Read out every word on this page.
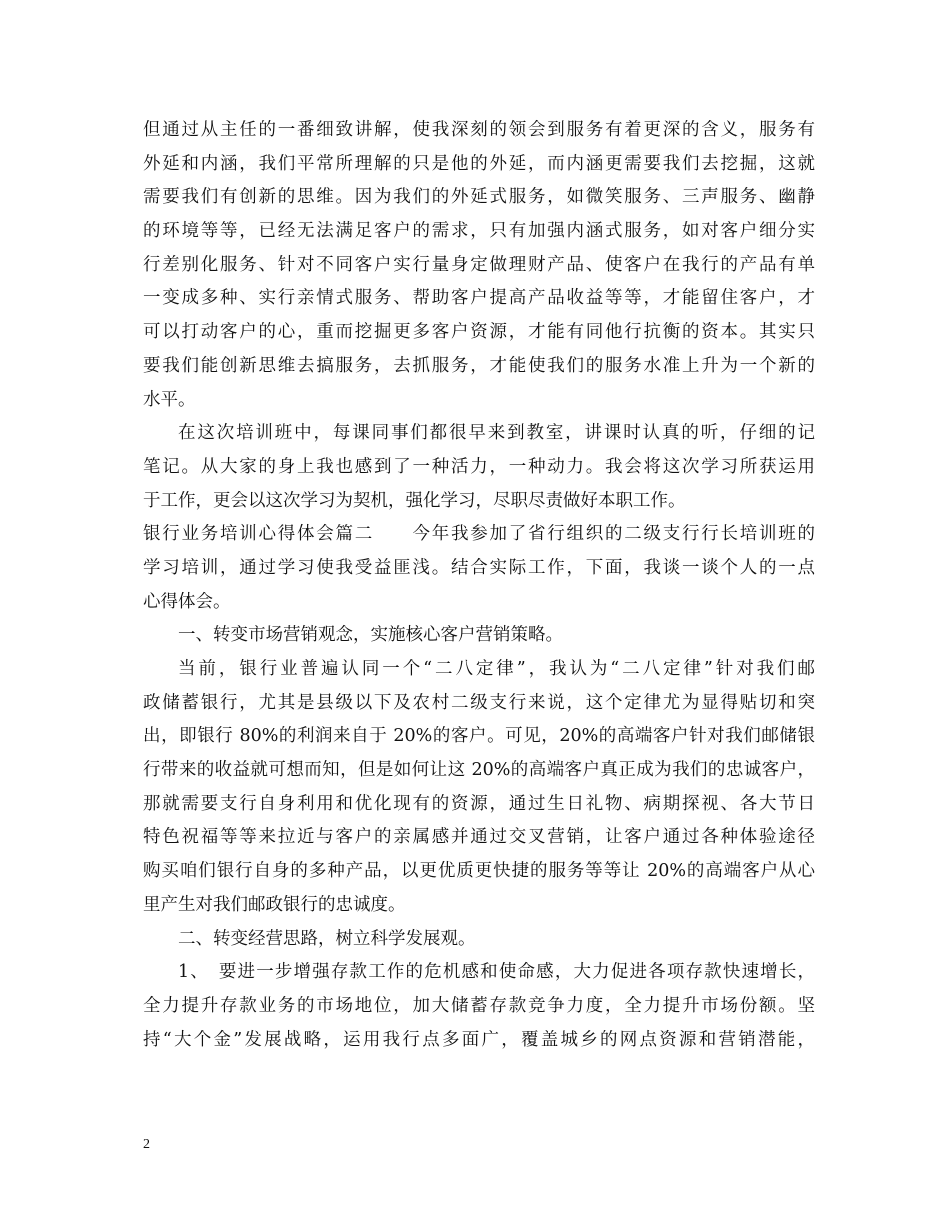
但通过从主任的一番细致讲解，使我深刻的领会到服务有着更深的含义，服务有
外延和内涵，我们平常所理解的只是他的外延，而内涵更需要我们去挖掘，这就
需要我们有创新的思维。因为我们的外延式服务，如微笑服务、三声服务、幽静
的环境等等，已经无法满足客户的需求，只有加强内涵式服务，如对客户细分实
行差别化服务、针对不同客户实行量身定做理财产品、使客户在我行的产品有单
一变成多种、实行亲情式服务、帮助客户提高产品收益等等，才能留住客户，才
可以打动客户的心，重而挖掘更多客户资源，才能有同他行抗衡的资本。其实只
要我们能创新思维去搞服务，去抓服务，才能使我们的服务水准上升为一个新的
水平。
在这次培训班中，每课同事们都很早来到教室，讲课时认真的听，仔细的记
笔记。从大家的身上我也感到了一种活力，一种动力。我会将这次学习所获运用
于工作，更会以这次学习为契机，强化学习，尽职尽责做好本职工作。
银行业务培训心得体会篇二　　今年我参加了省行组织的二级支行行长培训班的
学习培训，通过学习使我受益匪浅。结合实际工作，下面，我谈一谈个人的一点
心得体会。
一、转变市场营销观念，实施核心客户营销策略。
当前，银行业普遍认同一个“二八定律”，我认为“二八定律”针对我们邮
政储蓄银行，尤其是县级以下及农村二级支行来说，这个定律尤为显得贴切和突
出，即银行 80%的利润来自于 20%的客户。可见，20%的高端客户针对我们邮储银
行带来的收益就可想而知，但是如何让这 20%的高端客户真正成为我们的忠诚客户，
那就需要支行自身利用和优化现有的资源，通过生日礼物、病期探视、各大节日
特色祝福等等来拉近与客户的亲属感并通过交叉营销，让客户通过各种体验途径
购买咱们银行自身的多种产品，以更优质更快捷的服务等等让 20%的高端客户从心
里产生对我们邮政银行的忠诚度。
二、转变经营思路，树立科学发展观。
1、　要进一步增强存款工作的危机感和使命感，大力促进各项存款快速增长，
全力提升存款业务的市场地位，加大储蓄存款竞争力度，全力提升市场份额。坚
持“大个金”发展战略，运用我行点多面广，覆盖城乡的网点资源和营销潜能，
2
